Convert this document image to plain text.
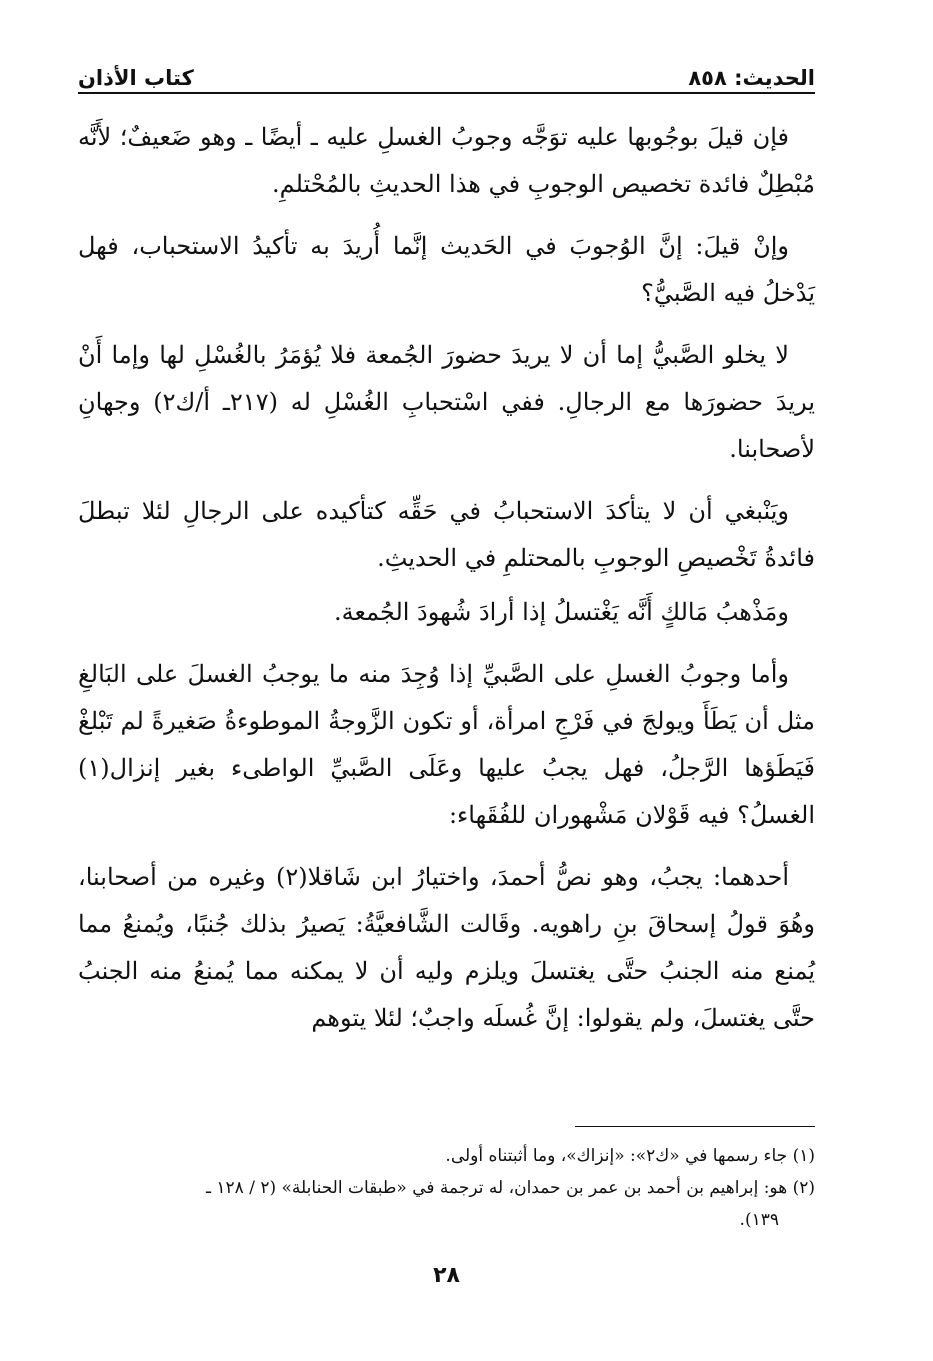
الحديث: ٨٥٨
كتاب الأذان

فإن قيلَ بوجُوبها عليه توَجَّه وجوبُ الغسلِ عليه ـ أيضًا ـ وهو ضَعيفٌ؛ لأَنَّه مُبْطِلٌ فائدة تخصيص الوجوبِ في هذا الحديثِ بالمُحْتلمِ.

وإنْ قيلَ: إنَّ الوُجوبَ في الحَديث إنَّما أُريدَ به تأكيدُ الاستحباب، فهل يَدْخلُ فيه الصَّبيُّ؟

لا يخلو الصَّبيُّ إما أن لا يريدَ حضورَ الجُمعة فلا يُؤمَرُ بالغُسْلِ لها وإما أَنْ يريدَ حضورَها مع الرجالِ. ففي اسْتحبابِ الغُسْلِ له (٢١٧ـ أ/ك٢) وجهانِ لأصحابنا.

ويَنْبغي أن لا يتأكدَ الاستحبابُ في حَقِّه كتأكيده على الرجالِ لئلا تبطلَ فائدةُ تَخْصيصِ الوجوبِ بالمحتلمِ في الحديثِ.

ومَذْهبُ مَالكٍ أَنَّه يَغْتسلُ إذا أرادَ شُهودَ الجُمعة.

وأما وجوبُ الغسلِ على الصَّبيِّ إذا وُجِدَ منه ما يوجبُ الغسلَ على البَالغِ مثل أن يَطَأَ ويولجَ في فَرْجِ امرأة، أو تكون الزَّوجةُ الموطوءةُ صَغيرةً لم تَبْلغْ فَيَطَؤها الرَّجلُ، فهل يجبُ عليها وعَلَى الصَّبيِّ الواطىء بغير إنزال(١) الغسلُ؟ فيه قَوْلان مَشْهوران للفُقَهاء:

أحدهما: يجبُ، وهو نصُّ أحمدَ، واختيارُ ابن شَاقلا(٢) وغيره من أصحابنا، وهُوَ قولُ إسحاقَ بنِ راهويه. وقَالت الشَّافعيَّةُ: يَصيرُ بذلك جُنبًا، ويُمنعُ مما يُمنع منه الجنبُ حتَّى يغتسلَ ويلزم وليه أن لا يمكنه مما يُمنعُ منه الجنبُ حتَّى يغتسلَ، ولم يقولوا: إنَّ غُسلَه واجبٌ؛ لئلا يتوهم

(١) جاء رسمها في «ك٢»: «إنزاك»، وما أثبتناه أولى.

(٢) هو: إبراهيم بن أحمد بن عمر بن حمدان، له ترجمة في «طبقات الحنابلة» (٢ / ١٢٨ ـ

١٣٩).

٢٨
